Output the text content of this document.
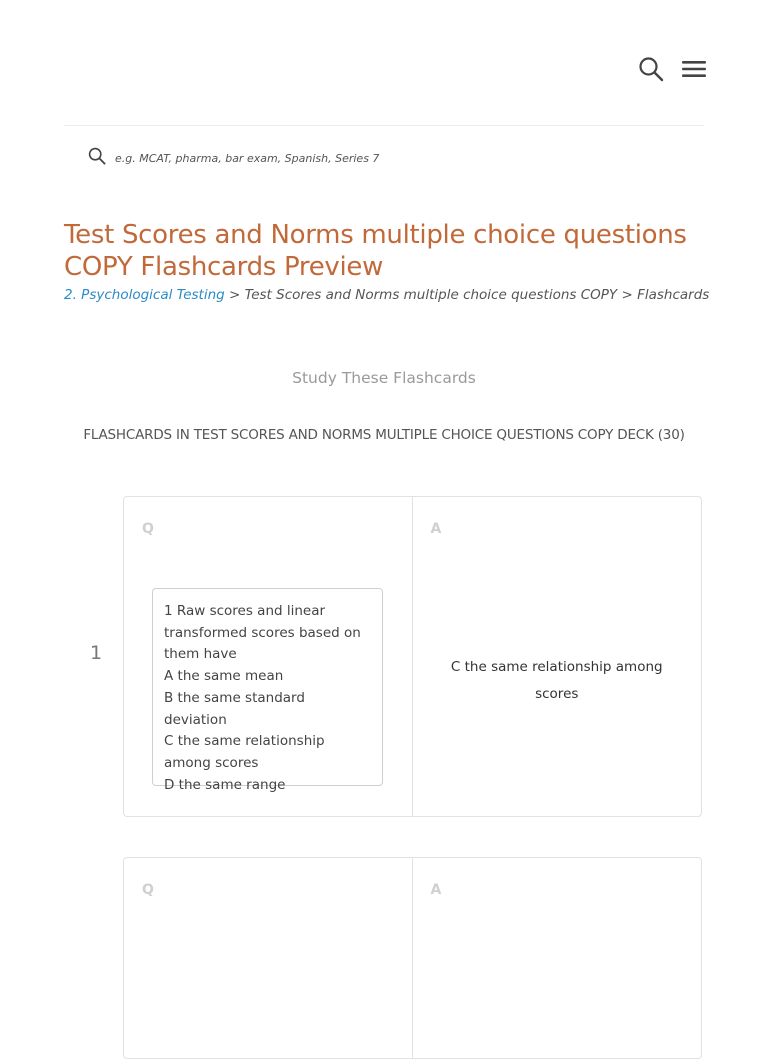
e.g. MCAT, pharma, bar exam, Spanish, Series 7
Test Scores and Norms multiple choice questions COPY Flashcards Preview
2. Psychological Testing > Test Scores and Norms multiple choice questions COPY > Flashcards
Study These Flashcards
FLASHCARDS IN TEST SCORES AND NORMS MULTIPLE CHOICE QUESTIONS COPY DECK (30)
1
Q
1 Raw scores and linear transformed scores based on them have
A the same mean
B the same standard deviation
C the same relationship among scores
D the same range
A
C the same relationship among scores
Q	A
